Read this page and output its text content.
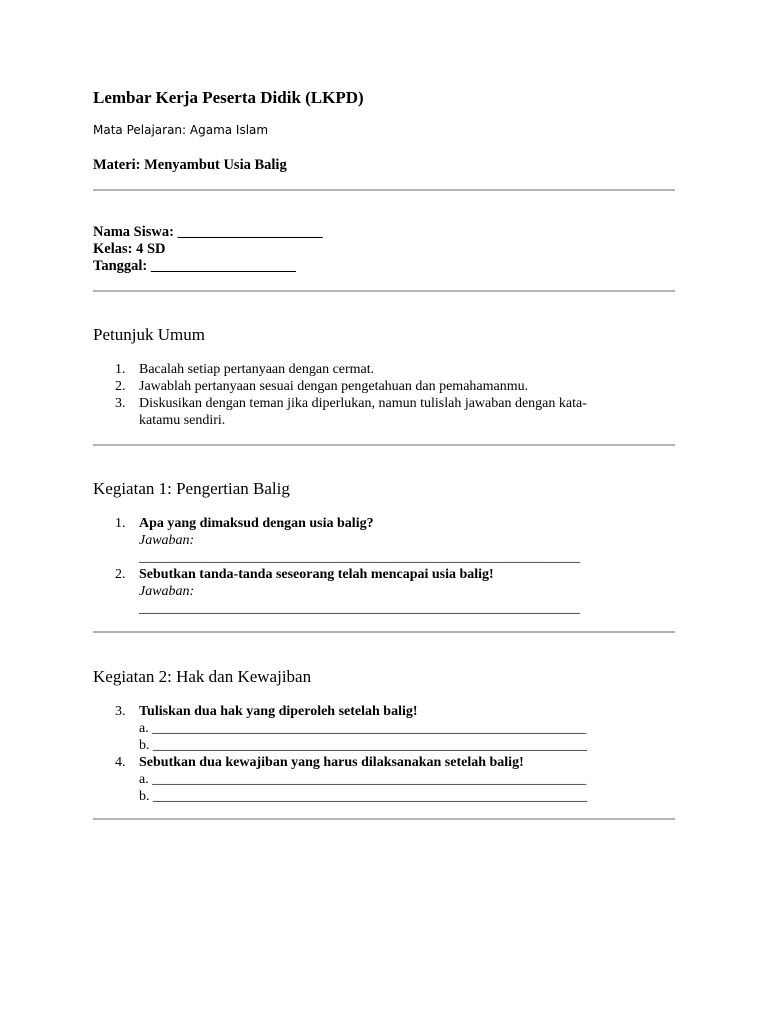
Lembar Kerja Peserta Didik (LKPD)
Mata Pelajaran: Agama Islam
Materi: Menyambut Usia Balig
Nama Siswa: ____________________
Kelas: 4 SD
Tanggal: ____________________
Petunjuk Umum
1. Bacalah setiap pertanyaan dengan cermat.
2. Jawablah pertanyaan sesuai dengan pengetahuan dan pemahamanmu.
3. Diskusikan dengan teman jika diperlukan, namun tulislah jawaban dengan kata-katamu sendiri.
Kegiatan 1: Pengertian Balig
1. Apa yang dimaksud dengan usia balig?
Jawaban:
_______________________________________________________________
2. Sebutkan tanda-tanda seseorang telah mencapai usia balig!
Jawaban:
_______________________________________________________________
Kegiatan 2: Hak dan Kewajiban
3. Tuliskan dua hak yang diperoleh setelah balig!
a. ______________________________________________________________
b. ______________________________________________________________
4. Sebutkan dua kewajiban yang harus dilaksanakan setelah balig!
a. ______________________________________________________________
b. ______________________________________________________________
